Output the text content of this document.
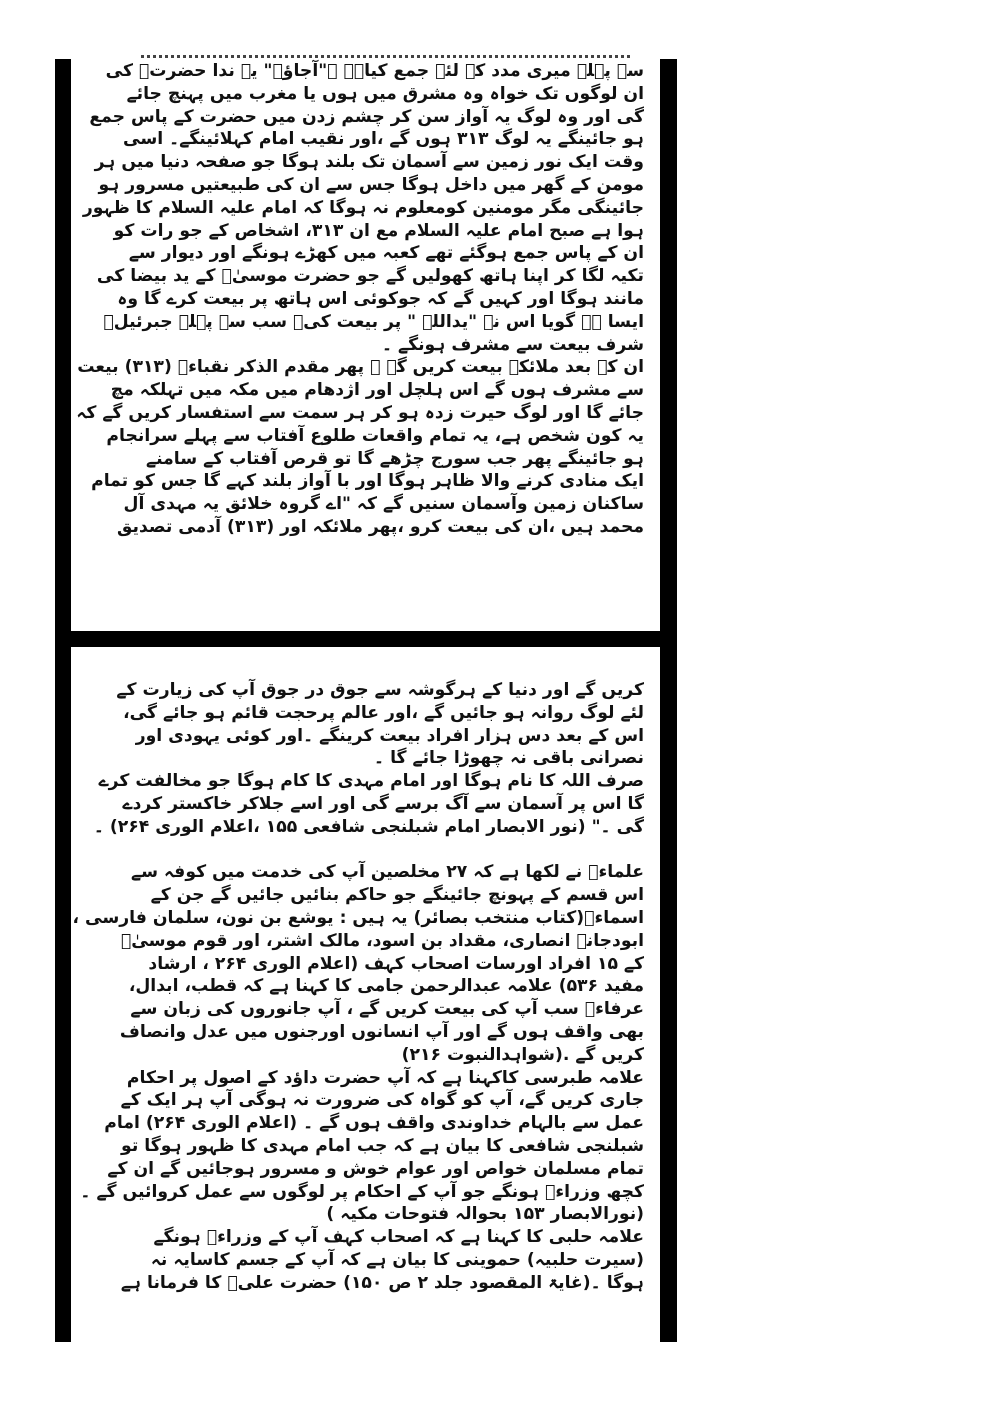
سے پہلے میری مدد کے لئے جمع کیاہے ۔"آجاؤ۔" یہ ندا حضرتؑ کی
ان لوگوں تک خواہ وہ مشرق میں ہوں یا مغرب میں پہنچ جائے
گی اور وہ لوگ یہ آواز سن کر چشم زدن میں حضرت کے پاس جمع
ہو جائینگے یہ لوگ ۳۱۳ ہوں گے ،اور نقیب امام کہلائینگے۔ اسی
وقت ایک نور زمین سے آسمان تک بلند ہوگا جو صفحہ دنیا میں ہر
مومن کے گھر میں داخل ہوگا جس سے ان کی طبیعتیں مسرور ہو
جائینگی مگر مومنین کومعلوم نہ ہوگا کہ امام علیہ السلام کا ظہور
ہوا ہے صبح امام علیہ السلام مع ان ۳۱۳، اشخاص کے جو رات کو
ان کے پاس جمع ہوگئے تھے کعبہ میں کھڑے ہونگے اور دیوار سے
تکیہ لگا کر اپنا ہاتھ کھولیں گے جو حضرت موسیٰؑ کے ید بیضا کی
مانند ہوگا اور کہیں گے کہ جوکوئی اس ہاتھ پر بیعت کرے گا وہ
ایسا ہے گویا اس نے "یداللہ " پر بیعت کی۔ سب سے پہلے جبرئیلؑ
شرف بیعت سے مشرف ہونگے ۔
ان کے بعد ملائکہ بیعت کریں گے ۔ پھر مقدم الذکر نقباءؑ (۳۱۳) بیعت
سے مشرف ہوں گے اس ہلچل اور اژدھام میں مکہ میں تہلکہ مچ
جائے گا اور لوگ حیرت زدہ ہو کر ہر سمت سے استفسار کریں گے کہ
یہ کون شخص ہے، یہ تمام واقعات طلوع آفتاب سے پہلے سرانجام
ہو جائینگے پھر جب سورج چڑھے گا تو قرص آفتاب کے سامنے
ایک منادی کرنے والا ظاہر ہوگا اور با آواز بلند کہے گا جس کو تمام
ساکنان زمین وآسمان سنیں گے کہ "اے گروہ خلائق یہ مہدی آل
محمد ہیں ،ان کی بیعت کرو ،پھر ملائکہ اور (۳۱۳) آدمی تصدیق
کریں گے اور دنیا کے ہرگوشہ سے جوق در جوق آپ کی زیارت کے
لئے لوگ روانہ ہو جائیں گے ،اور عالم پرحجت قائم ہو جائے گی،
اس کے بعد دس ہزار افراد بیعت کرینگے ۔اور کوئی یہودی اور
نصرانی باقی نہ چھوڑا جائے گا ۔
صرف اللہ کا نام ہوگا اور امام مہدی کا کام ہوگا جو مخالفت کرے
گا اس پر آسمان سے آگ برسے گی اور اسے جلاکر خاکستر کردے
گی ۔" (نور الابصار امام شبلنجی شافعی ۱۵۵ ،اعلام الوری ۲۶۴) ۔
علماءؑ نے لکھا ہے کہ ۲۷ مخلصین آپ کی خدمت میں کوفہ سے
اس قسم کے پہونچ جائینگے جو حاکم بنائیں جائیں گے جن کے
اسماءؑ(کتاب منتخب بصائر) یہ ہیں : یوشع بن نون، سلمان فارسی ،
ابودجانہ انصاری، مقداد بن اسود، مالک اشتر، اور قوم موسیٰؑ
کے ۱۵ افراد اورسات اصحاب کہف (اعلام الوری ۲۶۴ ، ارشاد
مفید ۵۳۶) علامہ عبدالرحمن جامی کا کہنا ہے کہ قطب، ابدال،
عرفاءؑ سب آپ کی بیعت کریں گے ، آپ جانوروں کی زبان سے
بھی واقف ہوں گے اور آپ انسانوں اورجنوں میں عدل وانصاف
کریں گے .(شواہدالنبوت ۲۱۶)
علامہ طبرسی کاکہنا ہے کہ آپ حضرت داؤد کے اصول پر احکام
جاری کریں گے، آپ کو گواہ کی ضرورت نہ ہوگی آپ ہر ایک کے
عمل سے بالہام خداوندی واقف ہوں گے ۔ (اعلام الوری ۲۶۴) امام
شبلنجی شافعی کا بیان ہے کہ جب امام مہدی کا ظہور ہوگا تو
تمام مسلمان خواص اور عوام خوش و مسرور ہوجائیں گے ان کے
کچھ وزراءؑ ہونگے جو آپ کے احکام پر لوگوں سے عمل کروائیں گے ۔
(نورالابصار ۱۵۳ بحوالہ فتوحات مکیہ )
علامہ حلبی کا کہنا ہے کہ اصحاب کہف آپ کے وزراءؑ ہونگے
(سیرت حلبیہ) حموینی کا بیان ہے کہ آپ کے جسم کاسایہ نہ
ہوگا ۔(غایۃ المقصود جلد ۲ ص ۱۵۰) حضرت علیؑ کا فرمانا ہے
